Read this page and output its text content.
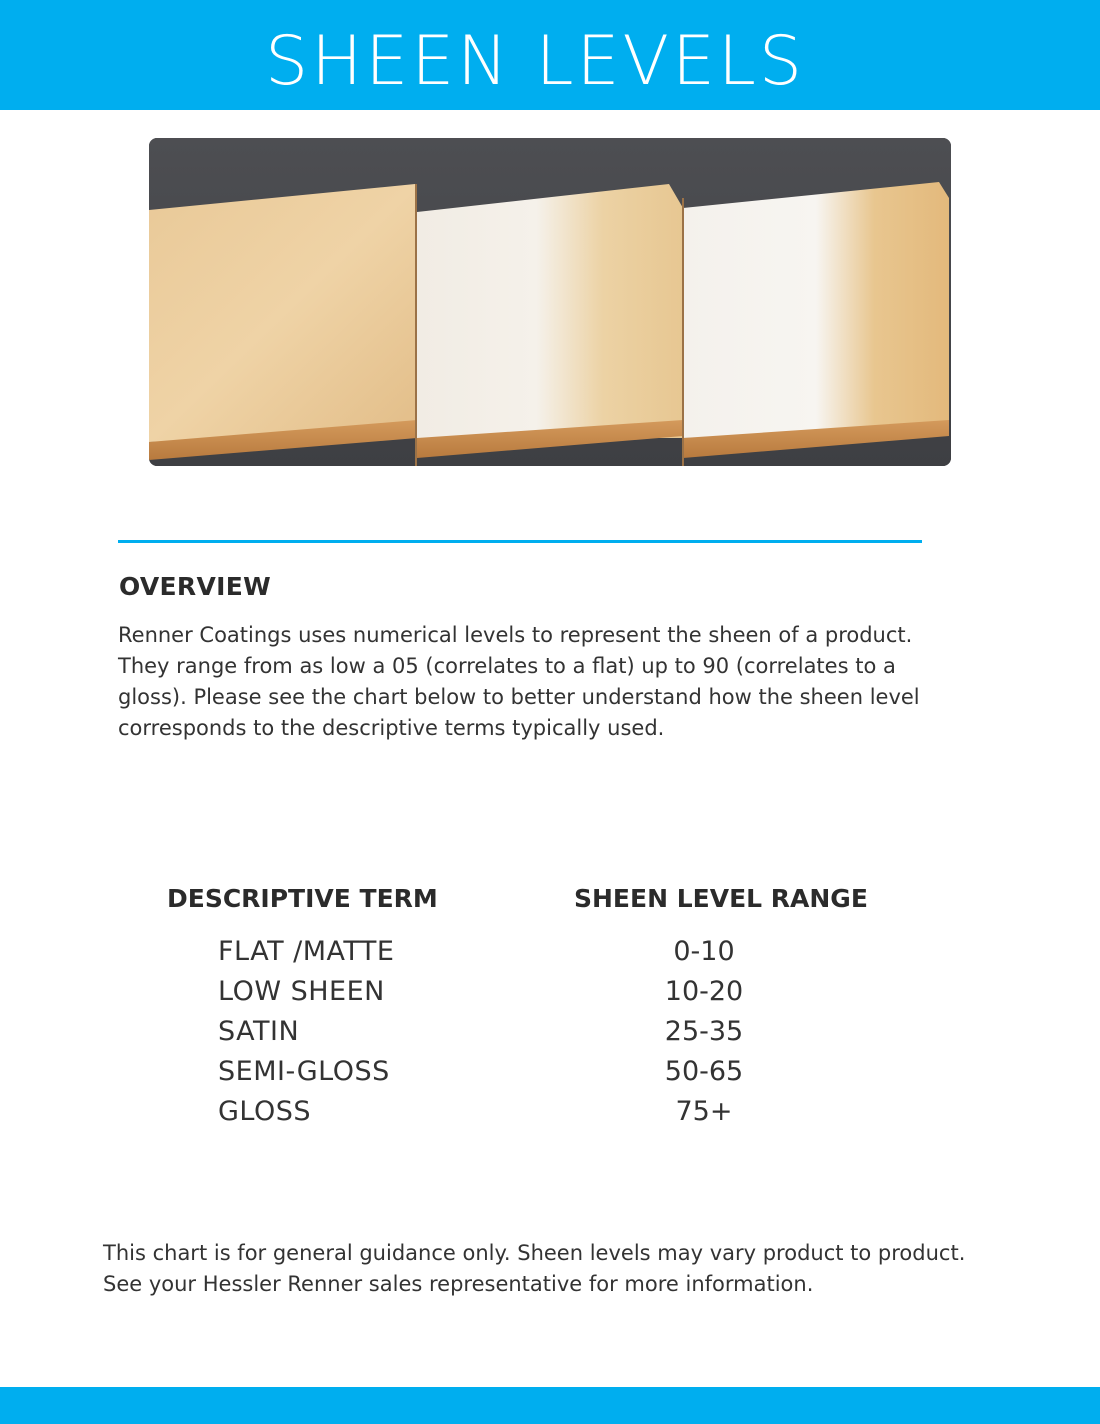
SHEEN LEVELS
OVERVIEW
Renner Coatings uses numerical levels to represent the sheen of a product. They range from as low a 05 (correlates to a flat) up to 90 (correlates to a gloss). Please see the chart below to better understand how the sheen level corresponds to the descriptive terms typically used.
DESCRIPTIVE TERM	SHEEN LEVEL RANGE
FLAT /MATTE	0-10
LOW SHEEN	10-20
SATIN	25-35
SEMI-GLOSS	50-65
GLOSS	75+
This chart is for general guidance only. Sheen levels may vary product to product. See your Hessler Renner sales representative for more information.
